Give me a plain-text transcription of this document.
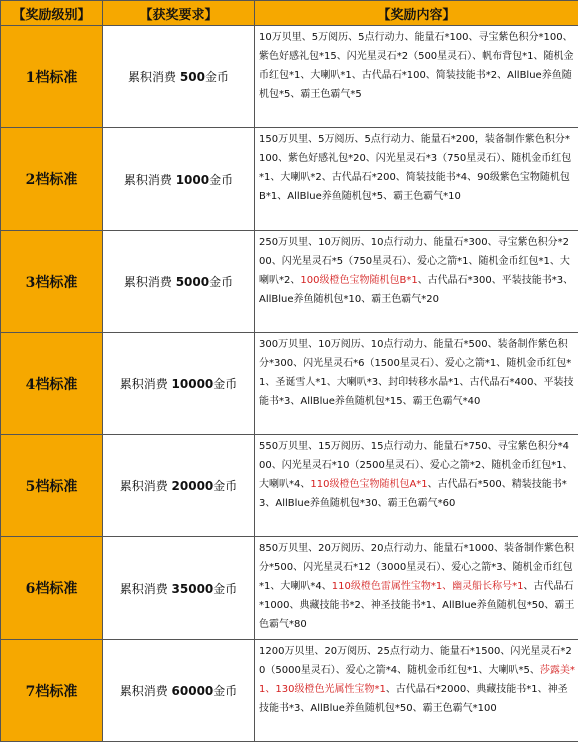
【奖励级别】	【获奖要求】	【奖励内容】
1档标准	累积消费 500金币	10万贝里、5万阅历、5点行动力、能量石*100、寻宝紫色积分*100、紫色好感礼包*15、闪光星灵石*2（500星灵石）、帆布背包*1、随机金币红包*1、大喇叭*1、古代晶石*100、简装技能书*2、AllBlue养鱼随机包*5、霸王色霸气*5
2档标准	累积消费 1000金币	150万贝里、5万阅历、5点行动力、能量石*200，装备制作紫色积分*100、紫色好感礼包*20、闪光星灵石*3（750星灵石）、随机金币红包*1、大喇叭*2、古代晶石*200、简装技能书*4、90级紫色宝物随机包B*1、AllBlue养鱼随机包*5、霸王色霸气*10
3档标准	累积消费 5000金币	250万贝里、10万阅历、10点行动力、能量石*300、寻宝紫色积分*200、闪光星灵石*5（750星灵石）、爱心之箭*1、随机金币红包*1、大喇叭*2、100级橙色宝物随机包B*1、古代晶石*300、平装技能书*3、AllBlue养鱼随机包*10、霸王色霸气*20
4档标准	累积消费 10000金币	300万贝里、10万阅历、10点行动力、能量石*500、装备制作紫色积分*300、闪光星灵石*6（1500星灵石）、爱心之箭*1、随机金币红包*1、圣诞雪人*1、大喇叭*3、封印转移水晶*1、古代晶石*400、平装技能书*3、AllBlue养鱼随机包*15、霸王色霸气*40
5档标准	累积消费 20000金币	550万贝里、15万阅历、15点行动力、能量石*750、寻宝紫色积分*400、闪光星灵石*10（2500星灵石）、爱心之箭*2、随机金币红包*1、大喇叭*4、110级橙色宝物随机包A*1、古代晶石*500、精装技能书*3、AllBlue养鱼随机包*30、霸王色霸气*60
6档标准	累积消费 35000金币	850万贝里、20万阅历、20点行动力、能量石*1000、装备制作紫色积分*500、闪光星灵石*12（3000星灵石）、爱心之箭*3、随机金币红包*1、大喇叭*4、110级橙色雷属性宝物*1、幽灵船长称号*1、古代晶石*1000、典藏技能书*2、神圣技能书*1、AllBlue养鱼随机包*50、霸王色霸气*80
7档标准	累积消费 60000金币	1200万贝里、20万阅历、25点行动力、能量石*1500、闪光星灵石*20（5000星灵石）、爱心之箭*4、随机金币红包*1、大喇叭*5、莎露美*1、130级橙色光属性宝物*1、古代晶石*2000、典藏技能书*1、神圣技能书*3、AllBlue养鱼随机包*50、霸王色霸气*100
